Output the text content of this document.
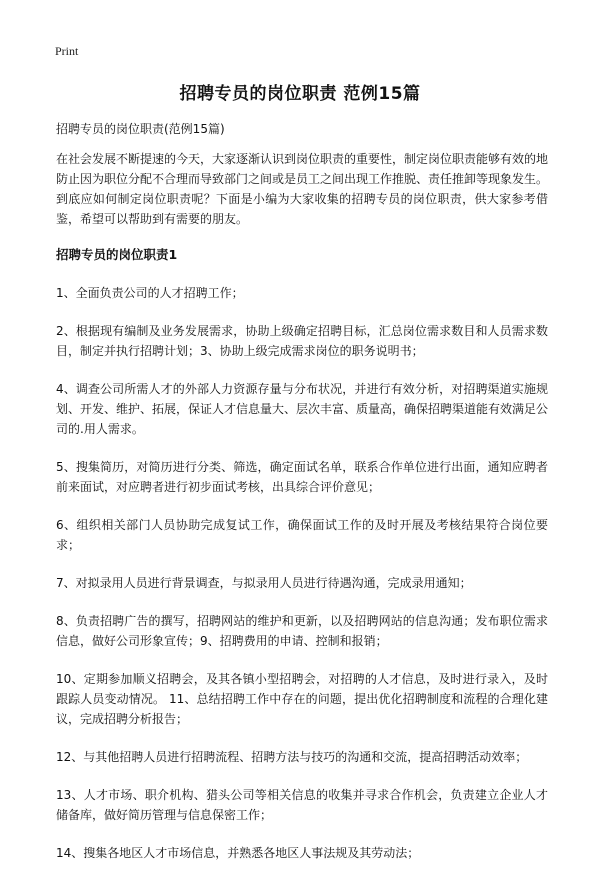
Print
招聘专员的岗位职责 范例15篇
招聘专员的岗位职责(范例15篇)

在社会发展不断提速的今天，大家逐渐认识到岗位职责的重要性，制定岗位职责能够有效的地防止因为职位分配不合理而导致部门之间或是员工之间出现工作推脱、责任推卸等现象发生。到底应如何制定岗位职责呢？下面是小编为大家收集的招聘专员的岗位职责，供大家参考借鉴，希望可以帮助到有需要的朋友。

招聘专员的岗位职责1

1、全面负责公司的人才招聘工作；

2、根据现有编制及业务发展需求，协助上级确定招聘目标，汇总岗位需求数目和人员需求数目，制定并执行招聘计划；3、协助上级完成需求岗位的职务说明书；

4、调查公司所需人才的外部人力资源存量与分布状况，并进行有效分析，对招聘渠道实施规划、开发、维护、拓展，保证人才信息量大、层次丰富、质量高，确保招聘渠道能有效满足公司的.用人需求。

5、搜集简历，对简历进行分类、筛选，确定面试名单，联系合作单位进行出面，通知应聘者前来面试，对应聘者进行初步面试考核，出具综合评价意见；

6、组织相关部门人员协助完成复试工作，确保面试工作的及时开展及考核结果符合岗位要求；

7、对拟录用人员进行背景调查，与拟录用人员进行待遇沟通，完成录用通知；

8、负责招聘广告的撰写，招聘网站的维护和更新，以及招聘网站的信息沟通；发布职位需求信息，做好公司形象宣传；9、招聘费用的申请、控制和报销；

10、定期参加顺义招聘会，及其各镇小型招聘会，对招聘的人才信息，及时进行录入，及时跟踪人员变动情况。 11、总结招聘工作中存在的问题，提出优化招聘制度和流程的合理化建议，完成招聘分析报告；

12、与其他招聘人员进行招聘流程、招聘方法与技巧的沟通和交流，提高招聘活动效率；

13、人才市场、职介机构、猎头公司等相关信息的收集并寻求合作机会，负责建立企业人才储备库，做好简历管理与信息保密工作；

14、搜集各地区人才市场信息，并熟悉各地区人事法规及其劳动法；
